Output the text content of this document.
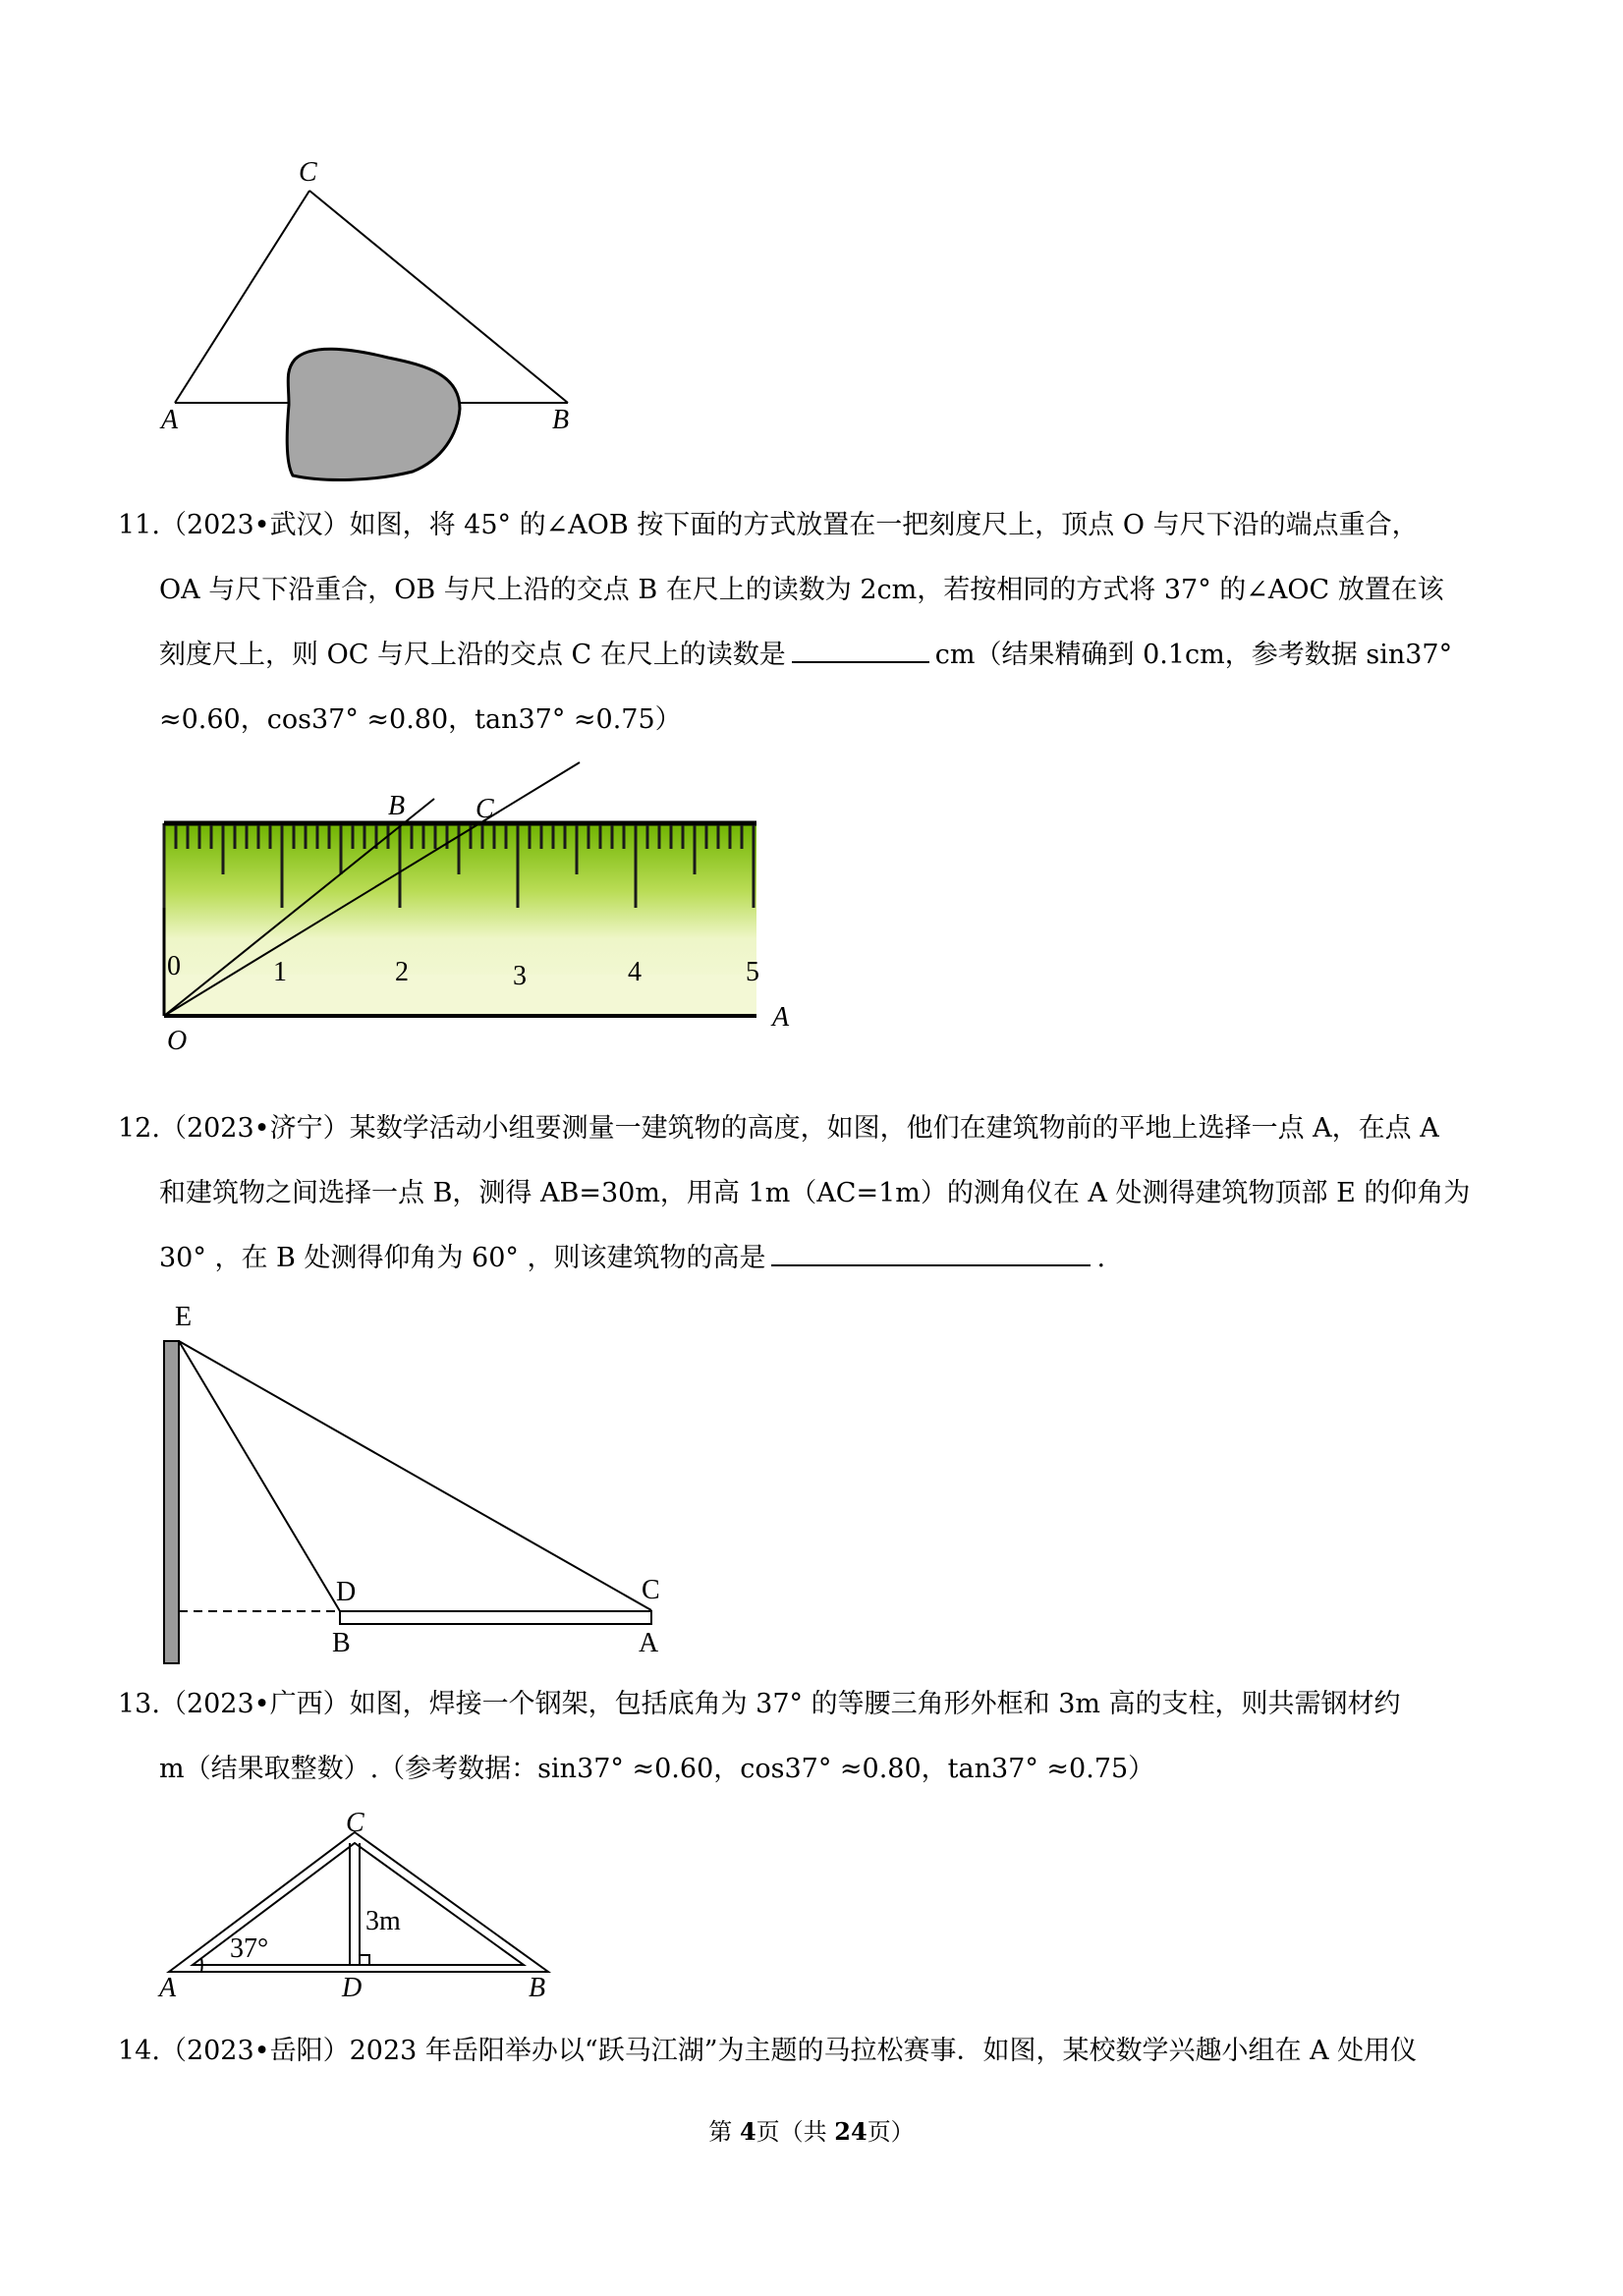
C
A	B
11.（2023•武汉）如图，将 45° 的∠AOB 按下面的方式放置在一把刻度尺上，顶点 O 与尺下沿的端点重合，
OA 与尺下沿重合，OB 与尺上沿的交点 B 在尺上的读数为 2cm，若按相同的方式将 37° 的∠AOC 放置在该
刻度尺上，则 OC 与尺上沿的交点 C 在尺上的读数是	cm（结果精确到 0.1cm，参考数据 sin37°
≈0.60，cos37° ≈0.80，tan37° ≈0.75）
B	C
O
A
0	1	2	3	4	5
12.（2023•济宁）某数学活动小组要测量一建筑物的高度，如图，他们在建筑物前的平地上选择一点 A，在点 A
和建筑物之间选择一点 B，测得 AB=30m，用高 1m（AC=1m）的测角仪在 A 处测得建筑物顶部 E 的仰角为
30° ，在 B 处测得仰角为 60° ，则该建筑物的高是	.
E
D	C
B	A
13.（2023•广西）如图，焊接一个钢架，包括底角为 37° 的等腰三角形外框和 3m 高的支柱，则共需钢材约
m（结果取整数）.（参考数据：sin37° ≈0.60，cos37° ≈0.80，tan37° ≈0.75）
C
A	D	B
3m
37°
14.（2023•岳阳）2023 年岳阳举办以“跃马江湖”为主题的马拉松赛事．如图，某校数学兴趣小组在 A 处用仪
第 4页（共 24页）
